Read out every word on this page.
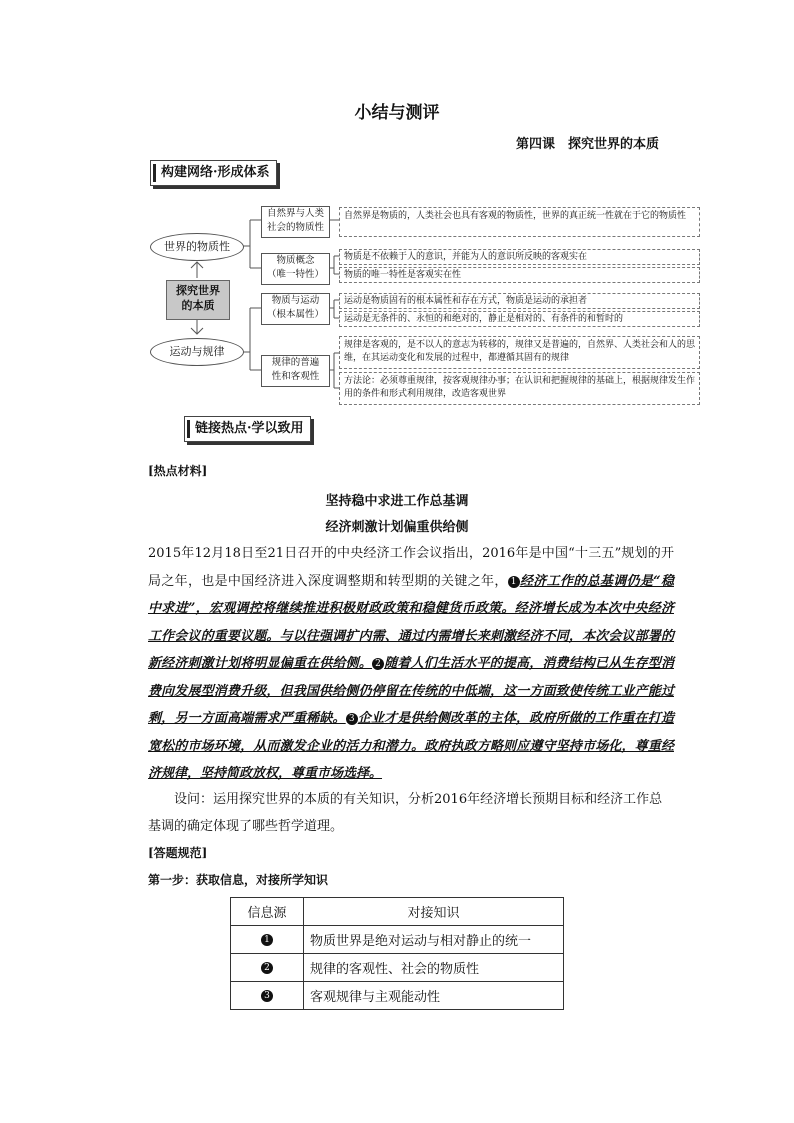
小结与测评
第四课　探究世界的本质
构建网络·形成体系
世界的物质性
探究世界
的本质
运动与规律
自然界与人类
社会的物质性
物质概念
（唯一特性）
物质与运动
（根本属性）
规律的普遍
性和客观性
自然界是物质的，人类社会也具有客观的物质性，世界的真正统一性就在于它的物质性
物质是不依赖于人的意识，并能为人的意识所反映的客观实在
物质的唯一特性是客观实在性
运动是物质固有的根本属性和存在方式，物质是运动的承担者
运动是无条件的、永恒的和绝对的，静止是相对的、有条件的和暂时的
规律是客观的，是不以人的意志为转移的，规律又是普遍的，自然界、人类社会和人的思维，在其运动变化和发展的过程中，都遵循其固有的规律
方法论：必须尊重规律，按客观规律办事；在认识和把握规律的基础上，根据规律发生作用的条件和形式利用规律，改造客观世界
链接热点·学以致用
[热点材料]
坚持稳中求进工作总基调
经济刺激计划偏重供给侧
2015年12月18日至21日召开的中央经济工作会议指出，2016年是中国“十三五”规划的开局之年，也是中国经济进入深度调整期和转型期的关键之年， 1 经济工作的总基调仍是“稳中求进”，宏观调控将继续推进积极财政政策和稳健货币政策。经济增长成为本次中央经济工作会议的重要议题。与以往强调扩内需、通过内需增长来刺激经济不同，本次会议部署的新经济刺激计划将明显偏重在供给侧。 2 随着人们生活水平的提高，消费结构已从生存型消费向发展型消费升级，但我国供给侧仍停留在传统的中低端，这一方面致使传统工业产能过剩，另一方面高端需求严重稀缺。 3 企业才是供给侧改革的主体，政府所做的工作重在打造宽松的市场环境，从而激发企业的活力和潜力。政府执政方略则应遵守坚持市场化，尊重经济规律，坚持简政放权，尊重市场选择。
设问：运用探究世界的本质的有关知识，分析2016年经济增长预期目标和经济工作总基调的确定体现了哪些哲学道理。
[答题规范]
第一步：获取信息，对接所学知识
信息源	对接知识
1	物质世界是绝对运动与相对静止的统一
2	规律的客观性、社会的物质性
3	客观规律与主观能动性
